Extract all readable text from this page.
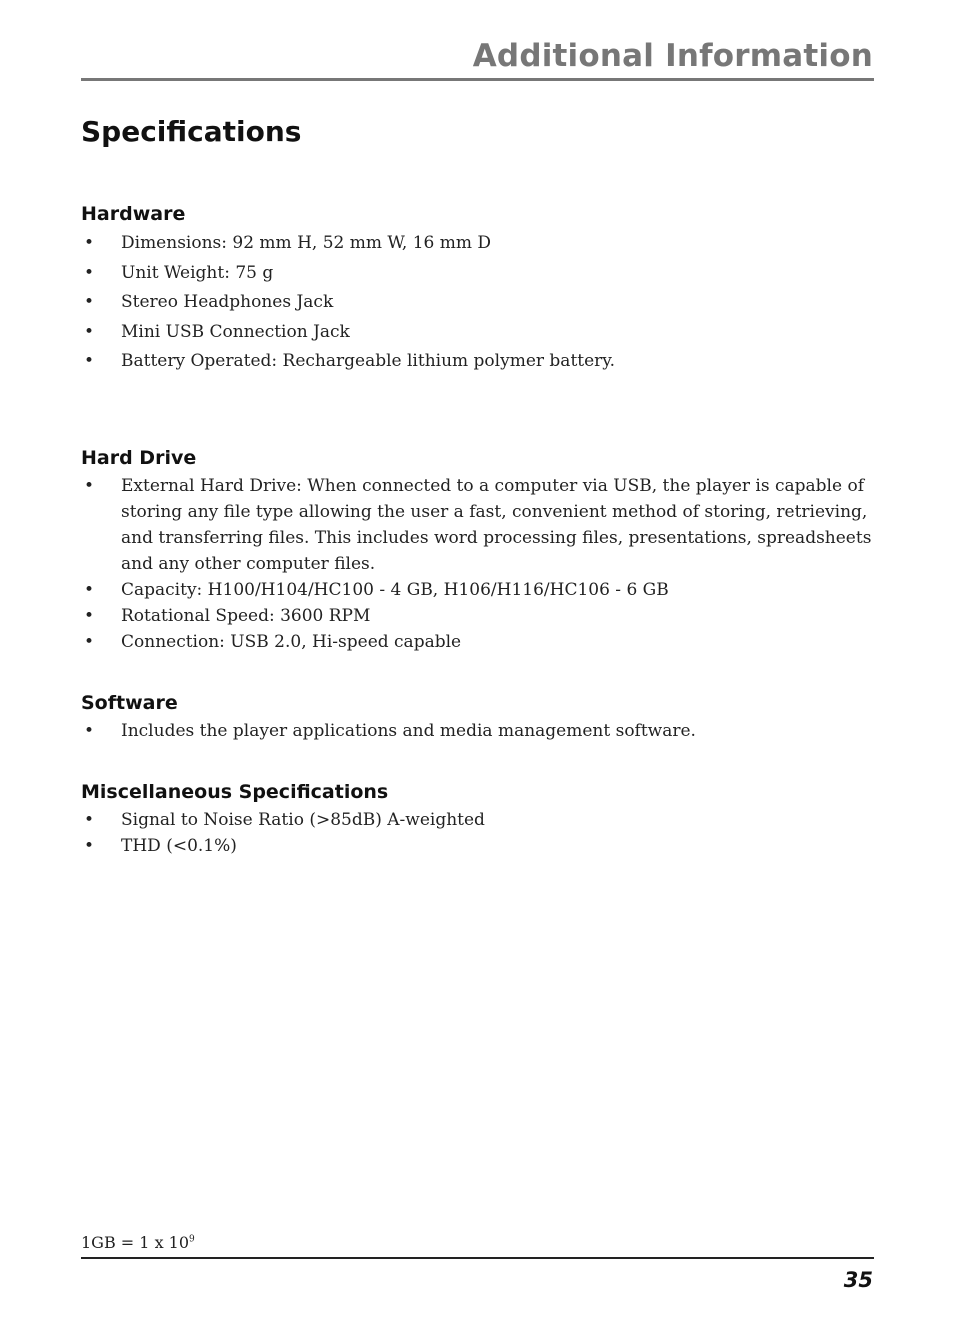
Additional Information
Specifications
Hardware
• Dimensions: 92 mm H, 52 mm W, 16 mm D
• Unit Weight: 75 g
• Stereo Headphones Jack
• Mini USB Connection Jack
• Battery Operated: Rechargeable lithium polymer battery.
Hard Drive
• External Hard Drive: When connected to a computer via USB, the player is capable of storing any file type allowing the user a fast, convenient method of storing, retrieving, and transferring files. This includes word processing files, presentations, spreadsheets and any other computer files.
• Capacity: H100/H104/HC100 - 4 GB, H106/H116/HC106 - 6 GB
• Rotational Speed: 3600 RPM
• Connection: USB 2.0, Hi-speed capable
Software
• Includes the player applications and media management software.
Miscellaneous Specifications
• Signal to Noise Ratio (>85dB) A-weighted
• THD (<0.1%)
1GB = 1 x $10^9$
35
